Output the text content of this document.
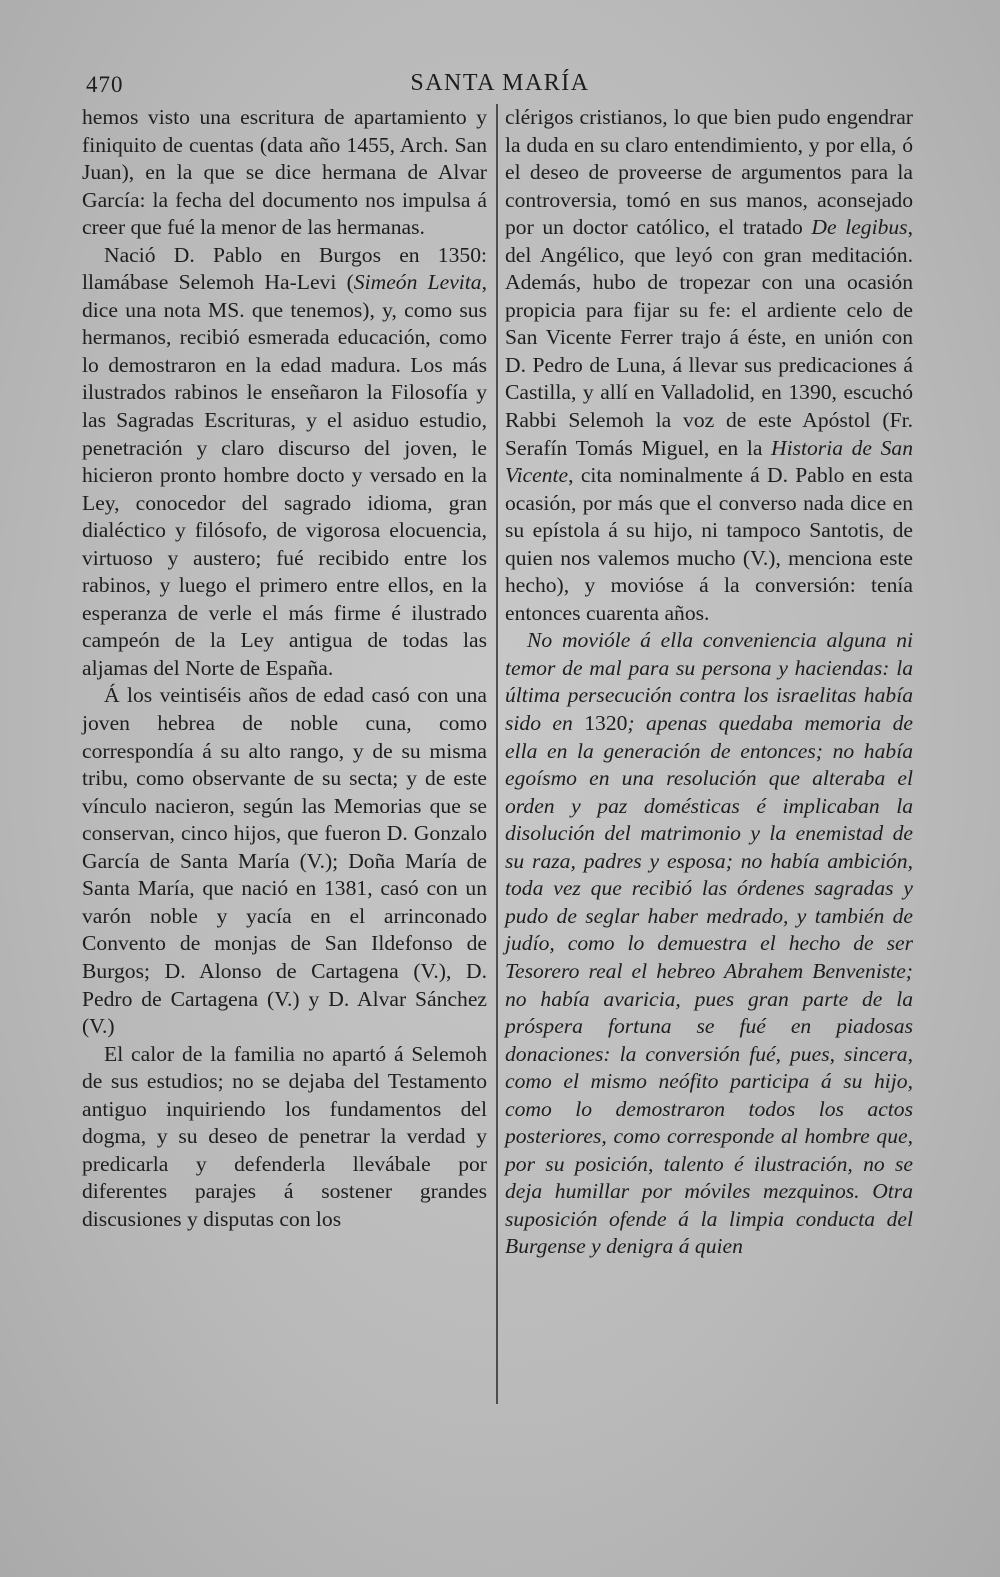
470	SANTA MARÍA

hemos visto una escritura de apartamiento y finiquito de cuentas (data año 1455, Arch. San Juan), en la que se dice hermana de Alvar García: la fecha del documento nos impulsa á creer que fué la menor de las hermanas.

Nació D. Pablo en Burgos en 1350: llamábase Selemoh Ha-Levi (Simeón Levita, dice una nota MS. que tenemos), y, como sus hermanos, recibió esmerada educación, como lo demostraron en la edad madura. Los más ilustrados rabinos le enseñaron la Filosofía y las Sagradas Escrituras, y el asiduo estudio, penetración y claro discurso del joven, le hicieron pronto hombre docto y versado en la Ley, conocedor del sagrado idioma, gran dialéctico y filósofo, de vigorosa elocuencia, virtuoso y austero; fué recibido entre los rabinos, y luego el primero entre ellos, en la esperanza de verle el más firme é ilustrado campeón de la Ley antigua de todas las aljamas del Norte de España.

Á los veintiséis años de edad casó con una joven hebrea de noble cuna, como correspondía á su alto rango, y de su misma tribu, como observante de su secta; y de este vínculo nacieron, según las Memorias que se conservan, cinco hijos, que fueron D. Gonzalo García de Santa María (V.); Doña María de Santa María, que nació en 1381, casó con un varón noble y yacía en el arrinconado Convento de monjas de San Ildefonso de Burgos; D. Alonso de Cartagena (V.), D. Pedro de Cartagena (V.) y D. Alvar Sánchez (V.)

El calor de la familia no apartó á Selemoh de sus estudios; no se dejaba del Testamento antiguo inquiriendo los fundamentos del dogma, y su deseo de penetrar la verdad y predicarla y defenderla llevábale por diferentes parajes á sostener grandes discusiones y disputas con los

clérigos cristianos, lo que bien pudo engendrar la duda en su claro entendimiento, y por ella, ó el deseo de proveerse de argumentos para la controversia, tomó en sus manos, aconsejado por un doctor católico, el tratado De legibus, del Angélico, que leyó con gran meditación. Además, hubo de tropezar con una ocasión propicia para fijar su fe: el ardiente celo de San Vicente Ferrer trajo á éste, en unión con D. Pedro de Luna, á llevar sus predicaciones á Castilla, y allí en Valladolid, en 1390, escuchó Rabbi Selemoh la voz de este Apóstol (Fr. Serafín Tomás Miguel, en la Historia de San Vicente, cita nominalmente á D. Pablo en esta ocasión, por más que el converso nada dice en su epístola á su hijo, ni tampoco Santotis, de quien nos valemos mucho (V.), menciona este hecho), y movióse á la conversión: tenía entonces cuarenta años.

No movióle á ella conveniencia alguna ni temor de mal para su persona y haciendas: la última persecución contra los israelitas había sido en 1320; apenas quedaba memoria de ella en la generación de entonces; no había egoísmo en una resolución que alteraba el orden y paz domésticas é implicaban la disolución del matrimonio y la enemistad de su raza, padres y esposa; no había ambición, toda vez que recibió las órdenes sagradas y pudo de seglar haber medrado, y también de judío, como lo demuestra el hecho de ser Tesorero real el hebreo Abrahem Benveniste; no había avaricia, pues gran parte de la próspera fortuna se fué en piadosas donaciones: la conversión fué, pues, sincera, como el mismo neófito participa á su hijo, como lo demostraron todos los actos posteriores, como corresponde al hombre que, por su posición, talento é ilustración, no se deja humillar por móviles mezquinos. Otra suposición ofende á la limpia conducta del Burgense y denigra á quien
